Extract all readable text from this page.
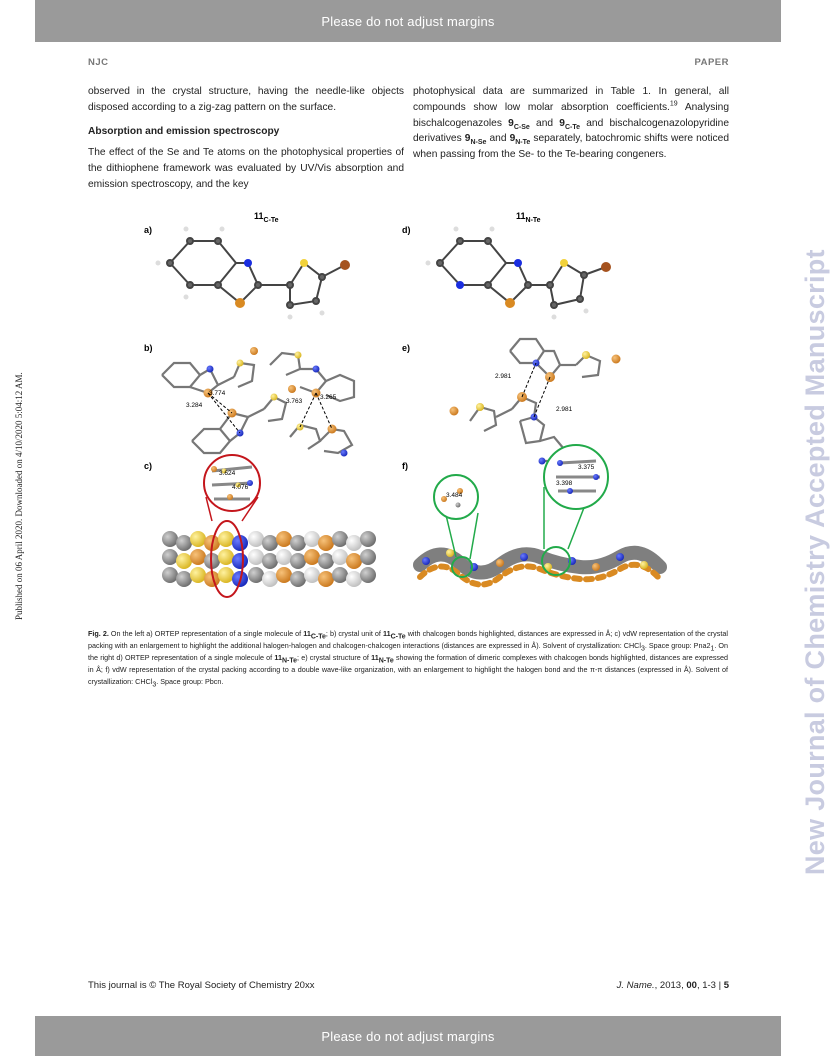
Please do not adjust margins
NJC	PAPER

observed in the crystal structure, having the needle-like objects disposed according to a zig-zag pattern on the surface.

Absorption and emission spectroscopy

The effect of the Se and Te atoms on the photophysical properties of the dithiophene framework was evaluated by UV/Vis absorption and emission spectroscopy, and the key

photophysical data are summarized in Table 1. In general, all compounds show low molar absorption coefficients.$^{19}$ Analysing bischalcogenazoles $9_{C-Se}$ and $9_{C-Te}$ and bischalcogenazolopyridine derivatives $9_{N-Se}$ and $9_{N-Te}$ separately, batochromic shifts were noticed when passing from the Se- to the Te-bearing congeners.

$11_{C-Te}$	$11_{N-Te}$
a)
b)
c)
d)
e)
f)
3.774
3.284
3.763
3.265
2.981
2.981
3.624
4.076
3.484
3.375
3.398
Fig. 2. On the left a) ORTEP representation of a single molecule of $11_{C-Te}$; b) crystal unit of $11_{C-Te}$ with chalcogen bonds highlighted, distances are expressed in Å; c) vdW representation of the crystal packing with an enlargement to highlight the additional halogen-halogen and chalcogen-chalcogen interactions (distances are expressed in Å). Solvent of crystallization: CHCl$_3$. Space group: $Pna2_1$. On the right d) ORTEP representation of a single molecule of $11_{N-Te}$; e) crystal structure of $11_{N-Te}$ showing the formation of dimeric complexes with chalcogen bonds highlighted, distances are expressed in Å; f) vdW representation of the crystal packing according to a double wave-like organization, with an enlargement to highlight the halogen bond and the π-π distances (expressed in Å). Solvent of crystallization: CHCl$_3$. Space group: Pbcn.
This journal is © The Royal Society of Chemistry 20xx	J. Name., 2013, 00, 1-3 | 5
Please do not adjust margins
Published on 06 April 2020. Downloaded on 4/10/2020 5:04:12 AM.	New Journal of Chemistry Accepted Manuscript
